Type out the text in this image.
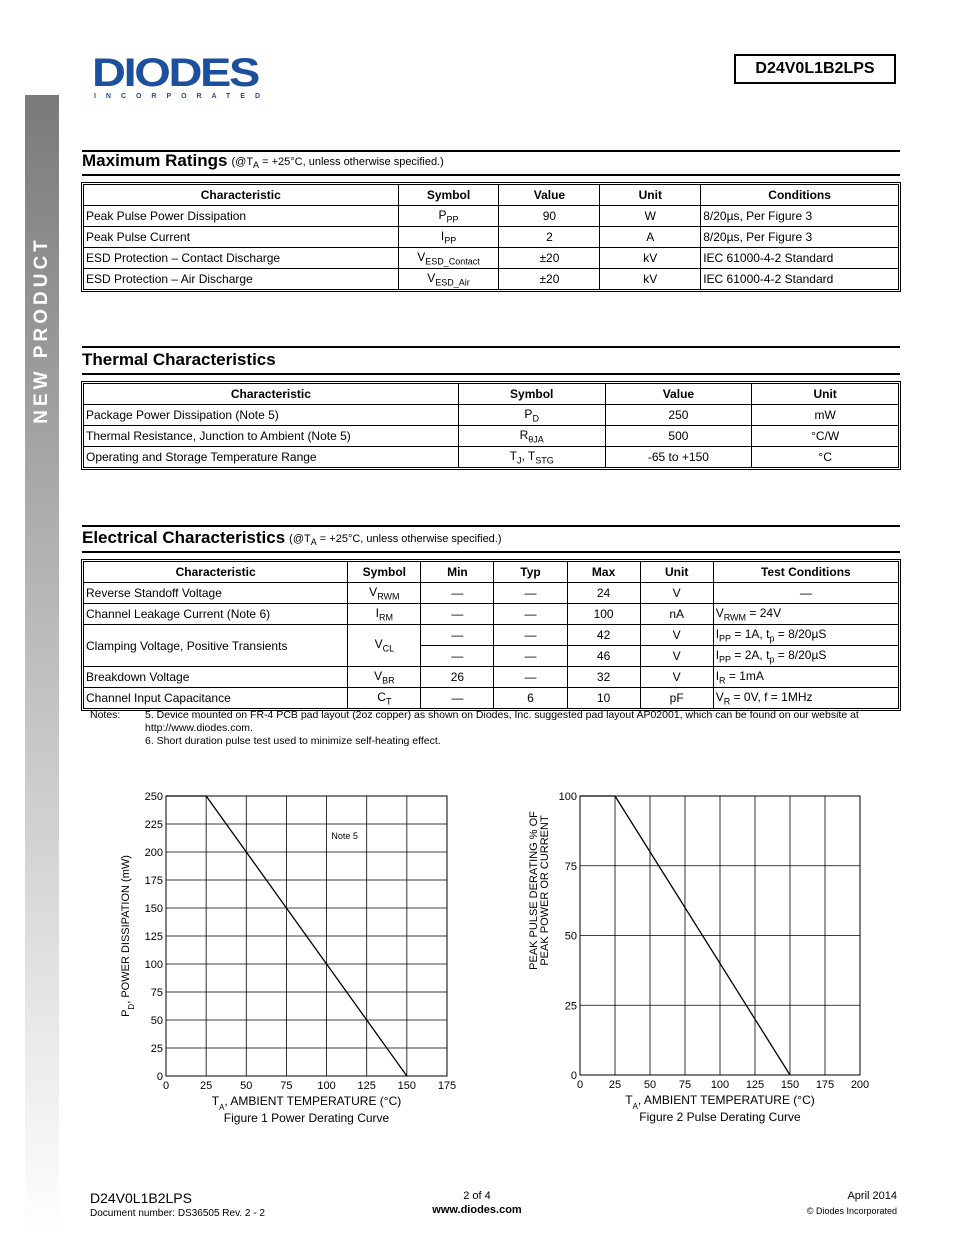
NEW PRODUCT
DIODES
INCORPORATED
D24V0L1B2LPS
Maximum Ratings ($@T_A = +25^\circ C$, unless otherwise specified.)
Characteristic	Symbol	Value	Unit	Conditions
Peak Pulse Power Dissipation	$P_{PP}$	90	W	8/20µs, Per Figure 3
Peak Pulse Current	$I_{PP}$	2	A	8/20µs, Per Figure 3
ESD Protection – Contact Discharge	$V_{ESD\_Contact}$	±20	kV	IEC 61000-4-2 Standard
ESD Protection – Air Discharge	$V_{ESD\_Air}$	±20	kV	IEC 61000-4-2 Standard
Thermal Characteristics
Characteristic	Symbol	Value	Unit
Package Power Dissipation (Note 5)	$P_D$	250	mW
Thermal Resistance, Junction to Ambient (Note 5)	$R_{\theta JA}$	500	°C/W
Operating and Storage Temperature Range	$T_J$, $T_{STG}$	-65 to +150	°C
Electrical Characteristics ($@T_A = +25^\circ C$, unless otherwise specified.)
Characteristic	Symbol	Min	Typ	Max	Unit	Test Conditions
Reverse Standoff Voltage	$V_{RWM}$	—	—	24	V	—
Channel Leakage Current (Note 6)	$I_{RM}$	—	—	100	nA	$V_{RWM} = 24V$
Clamping Voltage, Positive Transients	$V_{CL}$	—	—	42	V	$I_{PP} = 1A$, $t_p = 8/20\mu S$
		—	—	46	V	$I_{PP} = 2A$, $t_p = 8/20\mu S$
Breakdown Voltage	$V_{BR}$	26	—	32	V	$I_R = 1mA$
Channel Input Capacitance	$C_T$	—	6	10	pF	$V_R = 0V$, f = 1MHz
Notes:	5. Device mounted on FR-4 PCB pad layout (2oz copper) as shown on Diodes, Inc. suggested pad layout AP02001, which can be found on our website at
http://www.diodes.com.
6. Short duration pulse test used to minimize self-heating effect.
0	25	50	75 100 125 150 175
0
25
50
75
100
125
150
175
200
225
250
$T_A$, AMBIENT TEMPERATURE (°C)
Figure 1 Power Derating Curve
$P_D$, POWER DISSIPATION (mW)
Note 5
0 25 50 75 100 125 150 175 200
0
25
50
75
100
$T_A$, AMBIENT TEMPERATURE (°C)
Figure 2 Pulse Derating Curve
PEAK PULSE DERATING % OF PEAK POWER OR CURRENT
D24V0L1B2LPS
Document number: DS36505 Rev. 2 - 2
2 of 4
www.diodes.com
April 2014
© Diodes Incorporated
